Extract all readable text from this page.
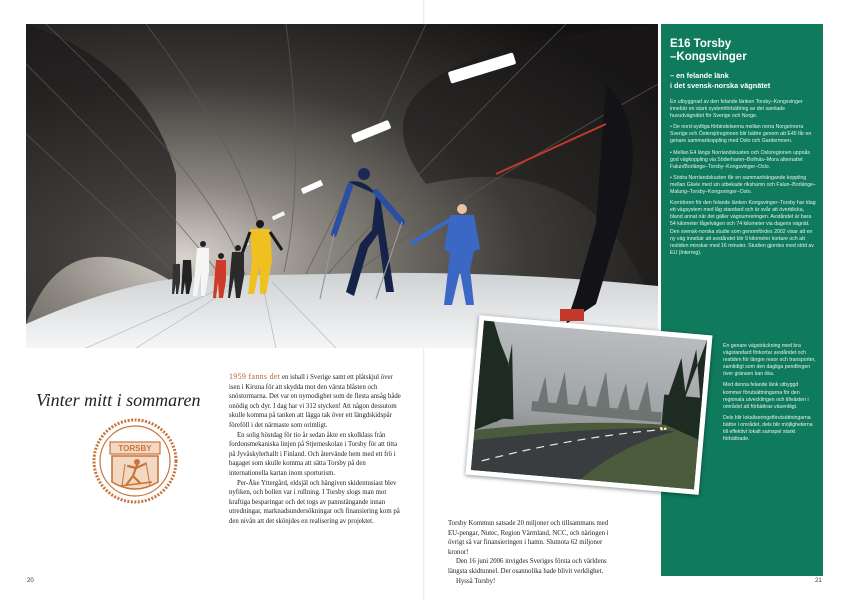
Vinter mitt i sommaren
TORSBY
20

1959 fanns det en ishall i Sverige samt ett plåtskjul över isen i Kiruna för att skydda mot den värsta blåsten och snöstormarna. Det var en nymodighet som de flesta ansåg både onödig och dyr. I dag har vi 312 stycken! Att någon dessutom skulle komma på tanken att lägga tak över ett längdskidspår föreföll i det närmaste som orimligt.

En solig höstdag för tio år sedan åkte en skolklass från fordonsmekaniska linjen på Stjerneskolan i Torsby för att titta på Jyväskylerhallt i Finland. Och återvände hem med ett frö i bagaget som skulle komma att sätta Torsby på den internationella kartan inom sporturism.

Per-Åke Yttergård, eldsjäl och hängiven skidentusiast blev nyfiken, och bollen var i rullning. I Torsby slogs man mot kraftiga besparingar och det togs av pannstängande innan utredningar, marknadsundersökningar och finansiering kom på den nivån att det skönjdes en realisering av projektet.	Torsby Kommun satsade 20 miljoner och tillsammans med EU-pengar, Nutec, Region Värmland, NCC, och näringen i övrigt så var finansieringen i hamn. Slutnota 62 miljoner kronor!

Den 16 juni 2006 invigdes Sveriges första och världens längsta skidtunnel. Det osannolika hade blivit verklighet.

Hysså Torsby!

E16 Torsby
–Kongsvinger
– en felande länk
i det svensk-norska vägnätet

En utbyggnad av den felande länken Torsby–Kongsvinger innebär en stark systemförbättring av det samlade huvudvägnätet för Sverige och Norge.

• De nord-sydliga förbindelserna mellan norra Norge/norra Sverige och Östersjöregionen blir bättre genom att E45 får en genare sammankoppling med Oslo och Gardermoen.

• Mellan E4 längs Norrlandskusten och Osloregionen uppnås god vägkoppling via Söderhamn–Bollnäs–Mora alternativt Falun/Borlänge–Torsby–Kongsvinger–Oslo.

• Södra Norrlandskusten får en sammanhängande koppling mellan Gävle med sin utbekade rikshamn och Falun–Borlänge–Malung–Torsby–Kongsvinger–Oslo.

Korridoren för den felande länken Kongsvinger–Torsby har idag ett vägsystem med låg standard och är svår att överblicka, bland annat när det gäller vägnumreringen. Avståndet är bara 54 kilometer fågelvägen och 74 kilometer via dagens vägnät. Den svensk-norska studie som genomfördes 2002 visar att en ny väg innebär att avståndet blir 9 kilometer kortare och att restiden minskar med 16 minuter. Studien gjordes med stöd av EU (Interreg).

En genare vägsträckning med bra vägstandard förkortar avståndet och restiden för längre resor och transporter, samtidigt som den dagliga pendlingen över gränsen kan öka.

Med denna felande länk utbyggd kommer förutsättningarna för den regionala utvecklingen och tillväxten i området att förbättras väsentligt.

Dels blir lokaliseringsförutsättningarna bättre i området, dels blir möjligheterna till effektivt lokalt samspel starkt förbättrade.

21
